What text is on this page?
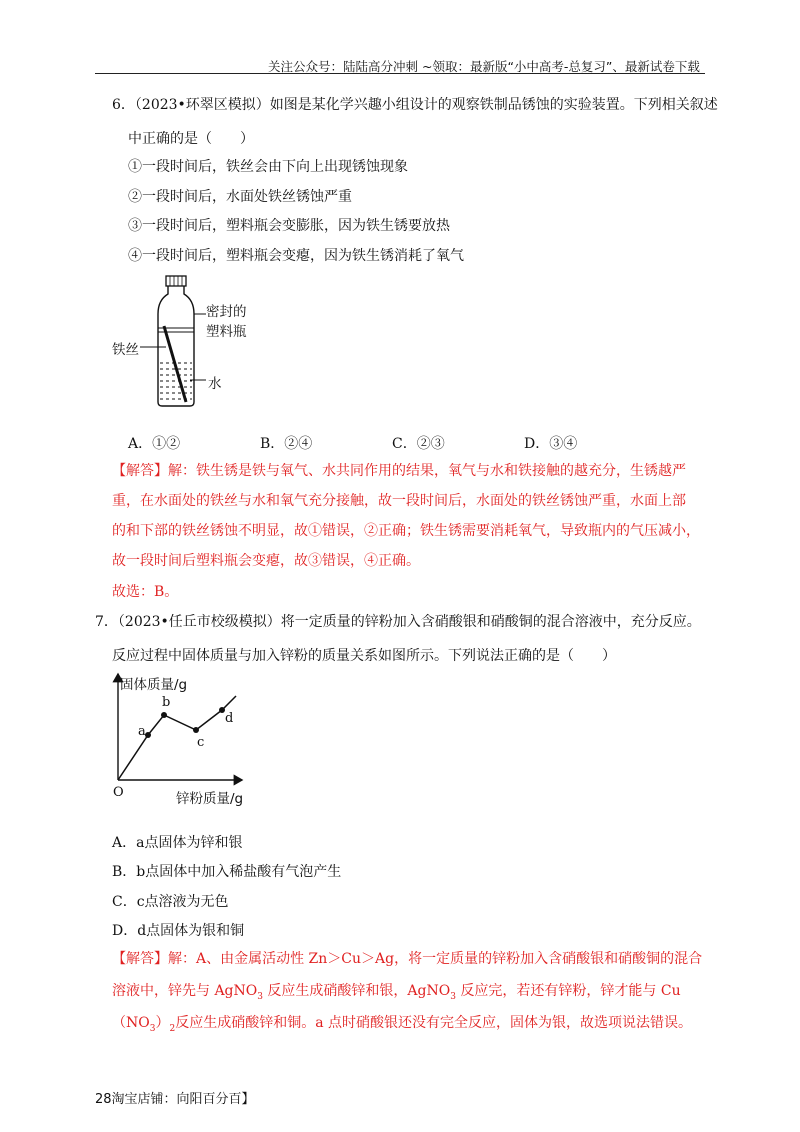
关注公众号：陆陆高分冲刺 ~领取：最新版“小中高考-总复习”、最新试卷下载
6．（2023•环翠区模拟）如图是某化学兴趣小组设计的观察铁制品锈蚀的实验装置。下列相关叙述
中正确的是（　　）
①一段时间后，铁丝会由下向上出现锈蚀现象
②一段时间后，水面处铁丝锈蚀严重
③一段时间后，塑料瓶会变膨胀，因为铁生锈要放热
④一段时间后，塑料瓶会变瘪，因为铁生锈消耗了氧气
密封的
塑料瓶
铁丝
水
A．①②	B．②④	C．②③	D．③④
【解答】解：铁生锈是铁与氧气、水共同作用的结果，氧气与水和铁接触的越充分，生锈越严
重，在水面处的铁丝与水和氧气充分接触，故一段时间后，水面处的铁丝锈蚀严重，水面上部
的和下部的铁丝锈蚀不明显，故①错误，②正确；铁生锈需要消耗氧气，导致瓶内的气压减小，
故一段时间后塑料瓶会变瘪，故③错误，④正确。
故选：B。
7．（2023•任丘市校级模拟）将一定质量的锌粉加入含硝酸银和硝酸铜的混合溶液中，充分反应。
反应过程中固体质量与加入锌粉的质量关系如图所示。下列说法正确的是（　　）
固体质量/g
锌粉质量/g
O
a
b
c
d
A．a点固体为锌和银
B．b点固体中加入稀盐酸有气泡产生
C．c点溶液为无色
D．d点固体为银和铜
【解答】解：A、由金属活动性 Zn＞Cu＞Ag，将一定质量的锌粉加入含硝酸银和硝酸铜的混合
溶液中，锌先与 AgNO$_3$ 反应生成硝酸锌和银，AgNO$_3$ 反应完，若还有锌粉，锌才能与 Cu
$(NO_3)_2$反应生成硝酸锌和铜。a 点时硝酸银还没有完全反应，固体为银，故选项说法错误。
28淘宝店铺：向阳百分百】
